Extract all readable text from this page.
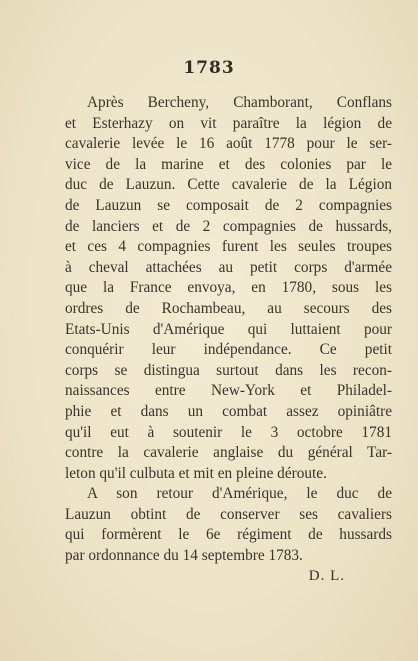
1783
Après Bercheny, Chamborant, Conflans
et Esterhazy on vit paraître la légion de
cavalerie levée le 16 août 1778 pour le ser-
vice de la marine et des colonies par le
duc de Lauzun. Cette cavalerie de la Légion
de Lauzun se composait de 2 compagnies
de lanciers et de 2 compagnies de hussards,
et ces 4 compagnies furent les seules troupes
à cheval attachées au petit corps d'armée
que la France envoya, en 1780, sous les
ordres de Rochambeau, au secours des
Etats-Unis d'Amérique qui luttaient pour
conquérir leur indépendance. Ce petit
corps se distingua surtout dans les recon-
naissances entre New-York et Philadel-
phie et dans un combat assez opiniâtre
qu'il eut à soutenir le 3 octobre 1781
contre la cavalerie anglaise du général Tar-
leton qu'il culbuta et mit en pleine déroute.
A son retour d'Amérique, le duc de
Lauzun obtint de conserver ses cavaliers
qui formèrent le 6e régiment de hussards
par ordonnance du 14 septembre 1783.
D. L.
